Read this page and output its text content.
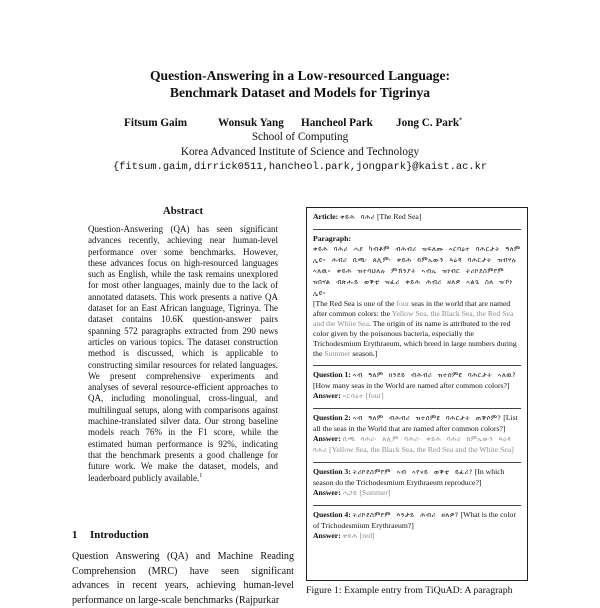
Question-Answering in a Low-resourced Language:
Benchmark Dataset and Models for Tigrinya
Fitsum Gaim	Wonsuk Yang Hancheol Park Jong C. Park*
School of Computing
Korea Advanced Institute of Science and Technology
{fitsum.gaim,dirrick0511,hancheol.park,jongpark}@kaist.ac.kr
Abstract
Question-Answering (QA) has seen significant advances recently, achieving near human-level performance over some benchmarks. However, these advances focus on high-resourced languages such as English, while the task remains unexplored for most other languages, mainly due to the lack of annotated datasets. This work presents a native QA dataset for an East African language, Tigrinya. The dataset contains 10.6K question-answer pairs spanning 572 paragraphs extracted from 290 news articles on various topics. The dataset construction method is discussed, which is applicable to constructing similar resources for related languages. We present comprehensive experiments and analyses of several resource-efficient approaches to QA, including monolingual, cross-lingual, and multilingual setups, along with comparisons against machine-translated silver data. Our strong baseline models reach 76% in the F1 score, while the estimated human performance is 92%, indicating that the benchmark presents a good challenge for future work. We make the dataset, models, and leaderboard publicly available.$^1$
1 Introduction
Question Answering (QA) and Machine Reading Comprehension (MRC) have seen significant advances in recent years, achieving human-level performance on large-scale benchmarks (Rajpurkar
Article: ቀይሕ ባሕሪ [The Red Sea]
Paragraph:
ቀይሕ ባሕሪ ሓደ ካብቶም ብሕብሪ ዝፍለጡ ኣርባዕተ ባሕርታት ዓለም ኢዩ። ሕብሪ ቢጫ፡ ጸሊም፡ ቀይሕ ከምኡውን ጻዕዳ ባሕርታት ዝብሃሉ ኣለዉ። ቀይሕ ዝተባህለሉ ምኽንያት ኣብኡ ዝነብር ትሪኮደስምየም ዝበሃል ብጽሑይ ወቕቲ ዝፈሪ ቀይሕ ሕብሪ ዘለዎ ኣልጌ ስለ ዝኾነ ኢዩ።
[The Red Sea is one of the four seas in the world that are named after common colors: the Yellow Sea, the Black Sea, the Red Sea and the White Sea. The origin of its name is attributed to the red color given by the poisonous bacteria, especially the Trichodesmium Erythraeum, which breed in large numbers during the Summer season.]
Question 1: ኣብ ዓለም ክንደይ ብሕብሪ ዝተሰምዩ ባሕርታት ኣለዉ? [How many seas in the World are named after common colors?]
Answer: ኣርባዕተ [four]
Question 2: ኣብ ዓለም ብሕብሪ ዝተሰምዩ ባሕርታት ጠቕሶም? [List all the seas in the World that are named after common colors?]
Answer: ቢጫ ባሕሪ፡ ጸሊም ባሕሪ፡ ቀይሕ ባሕሪ ከምኡውን ጻዕዳ ባሕሪ [Yellow Sea, the Black Sea, the Red Sea and the White Sea]
Question 3: ትሪኮደስምየም ኣብ ኣየናይ ወቕቲ ይፈሪ? [In which season do the Trichodesmium Erythraeum reproduce?]
Answer: ሓጋይ [Summer]
Question 4: ትሪኮደስምየም እንታይ ሕብሪ ዘለዎ? [What is the color of Trichodesmium Erythraeum?]
Answer: ቀይሕ [red]
Figure 1: Example entry from TiQuAD: A paragraph
